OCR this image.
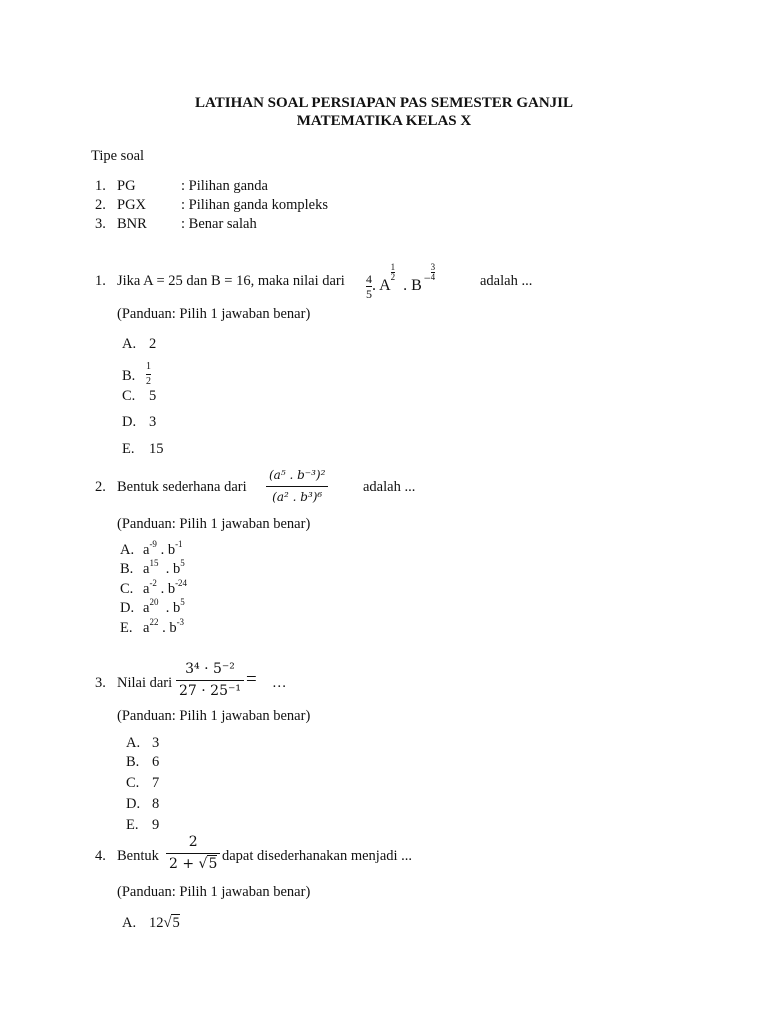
LATIHAN SOAL PERSIAPAN PAS SEMESTER GANJIL
MATEMATIKA KELAS X
Tipe soal
1. PG	: Pilihan ganda
2. PGX : Pilihan ganda kompleks
3. BNR : Benar salah
1. Jika A = 25 dan B = 16, maka nilai dari $\frac{4}{5}$ . A
$\frac{1}{2}$
. B $^- \frac{3}{4}$	adalah ...
(Panduan: Pilih 1 jawaban benar)
A. 2
B. $\frac{1}{2}$
C. 5
D. 3
E. 15
2. Bentuk sederhana dari $\frac{\text{(a⁵ . b⁻³)²}}{\text{(a² . b³)⁶}}$ adalah ...
(Panduan: Pilih 1 jawaban benar)
A. $a^{-9}$ . $b^{-1}$
B. $a^{15}$ . $b^5$
C. $a^{-2}$ . $b^{-24}$
D. $a^{20}$ . $b^5$
E. $a^{22}$ . $b^{-3}$
3. Nilai dari $\frac{\text{3⁴ · 5⁻²}}{\text{27 · 25⁻¹}}$ = …
(Panduan: Pilih 1 jawaban benar)
A. 3
B. 6
C. 7
D. 8
E. 9
4. Bentuk $\frac{2}{2 + √5}$ dapat disederhanakan menjadi ...
(Panduan: Pilih 1 jawaban benar)
A. 12√5
